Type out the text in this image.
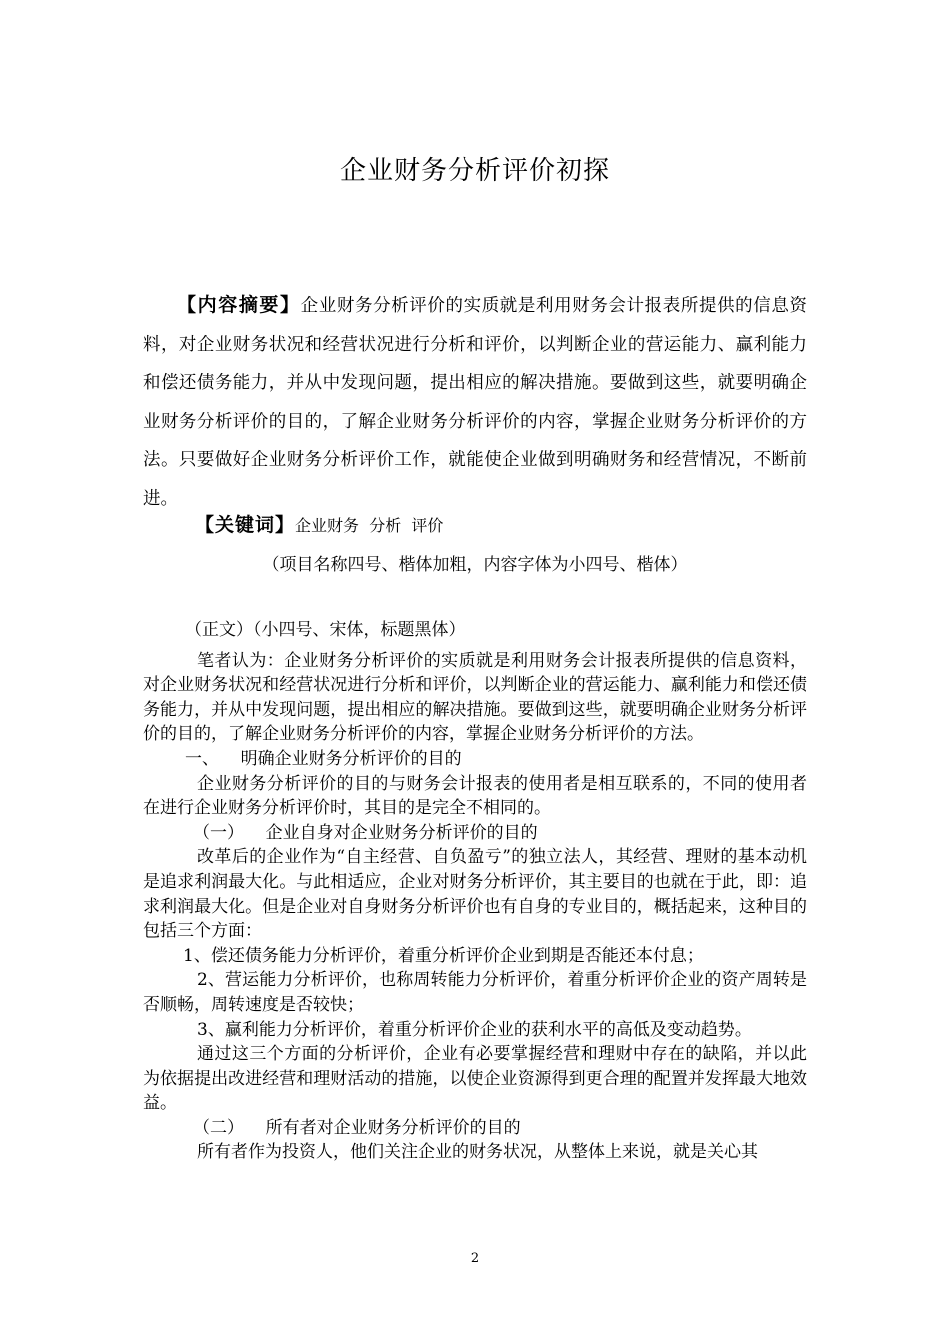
企业财务分析评价初探
【内容摘要】企业财务分析评价的实质就是利用财务会计报表所提供的信息资料，对企业财务状况和经营状况进行分析和评价，以判断企业的营运能力、赢利能力和偿还债务能力，并从中发现问题，提出相应的解决措施。要做到这些，就要明确企业财务分析评价的目的，了解企业财务分析评价的内容，掌握企业财务分析评价的方法。只要做好企业财务分析评价工作，就能使企业做到明确财务和经营情况，不断前进。
【关键词】企业财务  分析  评价
（项目名称四号、楷体加粗，内容字体为小四号、楷体）

（正文）（小四号、宋体，标题黑体）

笔者认为：企业财务分析评价的实质就是利用财务会计报表所提供的信息资料，对企业财务状况和经营状况进行分析和评价，以判断企业的营运能力、赢利能力和偿还债务能力，并从中发现问题，提出相应的解决措施。要做到这些，就要明确企业财务分析评价的目的，了解企业财务分析评价的内容，掌握企业财务分析评价的方法。

一、    明确企业财务分析评价的目的

企业财务分析评价的目的与财务会计报表的使用者是相互联系的，不同的使用者在进行企业财务分析评价时，其目的是完全不相同的。

（一）    企业自身对企业财务分析评价的目的

改革后的企业作为“自主经营、自负盈亏”的独立法人，其经营、理财的基本动机是追求利润最大化。与此相适应，企业对财务分析评价，其主要目的也就在于此，即：追求利润最大化。但是企业对自身财务分析评价也有自身的专业目的，概括起来，这种目的包括三个方面：

1、偿还债务能力分析评价，着重分析评价企业到期是否能还本付息；

2、营运能力分析评价，也称周转能力分析评价，着重分析评价企业的资产周转是否顺畅，周转速度是否较快；

3、赢利能力分析评价，着重分析评价企业的获利水平的高低及变动趋势。

通过这三个方面的分析评价，企业有必要掌握经营和理财中存在的缺陷，并以此为依据提出改进经营和理财活动的措施，以使企业资源得到更合理的配置并发挥最大地效益。

（二）    所有者对企业财务分析评价的目的

所有者作为投资人，他们关注企业的财务状况，从整体上来说，就是关心其

2
